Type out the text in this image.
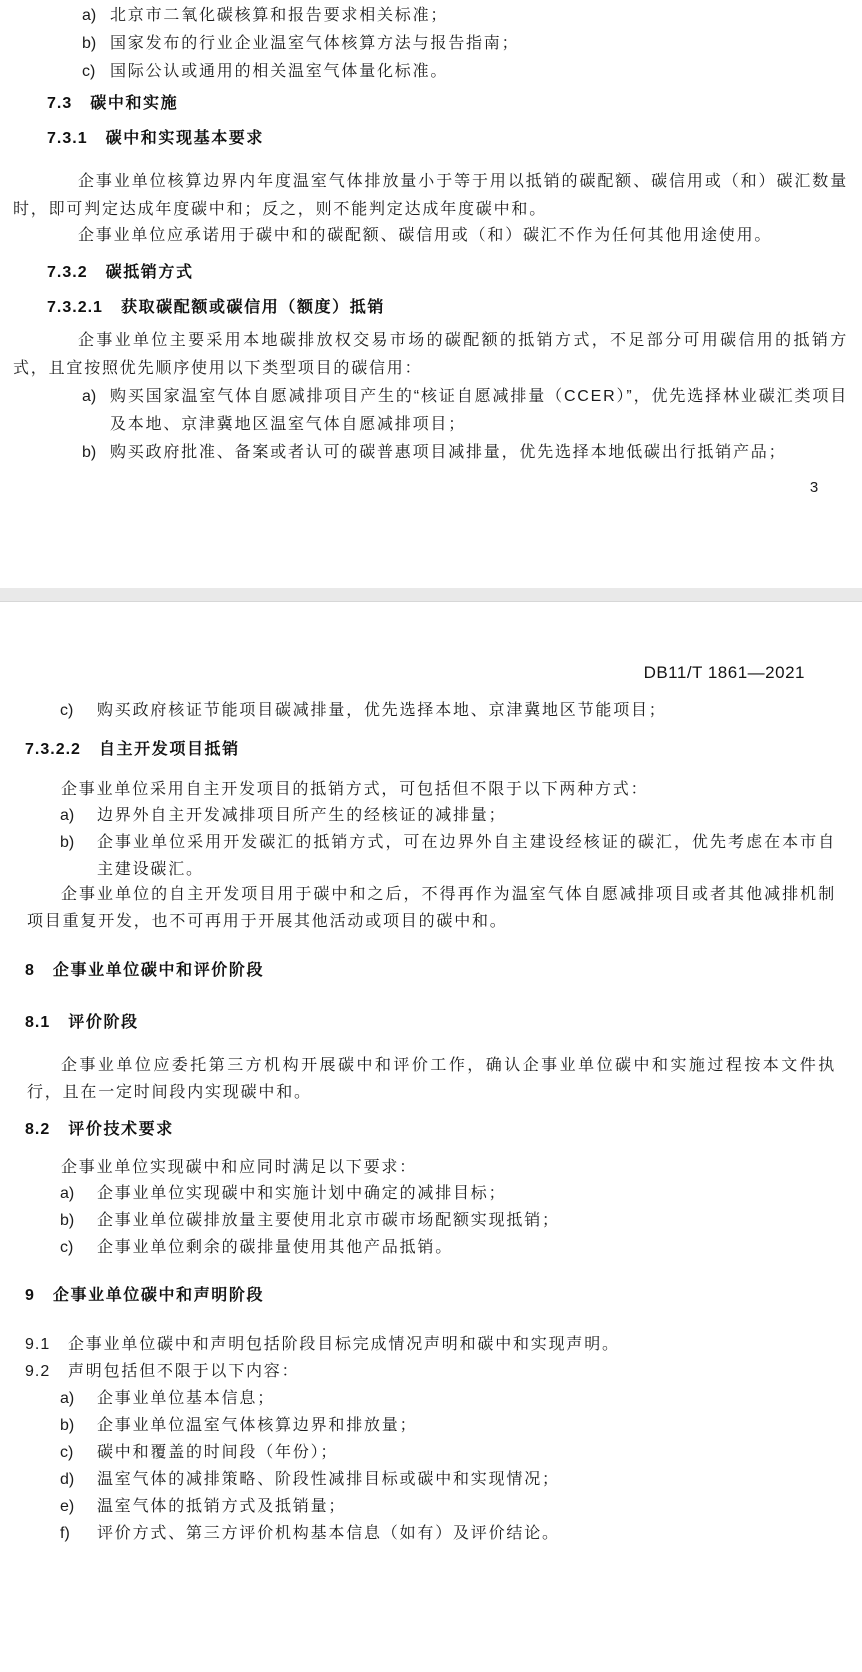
a) 北京市二氧化碳核算和报告要求相关标准；
b) 国家发布的行业企业温室气体核算方法与报告指南；
c) 国际公认或通用的相关温室气体量化标准。
7.3 碳中和实施
7.3.1 碳中和实现基本要求

企事业单位核算边界内年度温室气体排放量小于等于用以抵销的碳配额、碳信用或（和）碳汇数量时，即可判定达成年度碳中和；反之，则不能判定达成年度碳中和。

企事业单位应承诺用于碳中和的碳配额、碳信用或（和）碳汇不作为任何其他用途使用。

7.3.2 碳抵销方式
7.3.2.1 获取碳配额或碳信用（额度）抵销

企事业单位主要采用本地碳排放权交易市场的碳配额的抵销方式，不足部分可用碳信用的抵销方式，且宜按照优先顺序使用以下类型项目的碳信用：

a) 购买国家温室气体自愿减排项目产生的“核证自愿减排量（CCER）”，优先选择林业碳汇类项目及本地、京津冀地区温室气体自愿减排项目；
b) 购买政府批准、备案或者认可的碳普惠项目减排量，优先选择本地低碳出行抵销产品；
3
DB11/T 1861—2021
c) 购买政府核证节能项目碳减排量，优先选择本地、京津冀地区节能项目；
7.3.2.2 自主开发项目抵销

企事业单位采用自主开发项目的抵销方式，可包括但不限于以下两种方式：

a) 边界外自主开发减排项目所产生的经核证的减排量；
b) 企事业单位采用开发碳汇的抵销方式，可在边界外自主建设经核证的碳汇，优先考虑在本市自主建设碳汇。

企事业单位的自主开发项目用于碳中和之后，不得再作为温室气体自愿减排项目或者其他减排机制项目重复开发，也不可再用于开展其他活动或项目的碳中和。

8 企事业单位碳中和评价阶段
8.1 评价阶段

企事业单位应委托第三方机构开展碳中和评价工作，确认企事业单位碳中和实施过程按本文件执行，且在一定时间段内实现碳中和。

8.2 评价技术要求

企事业单位实现碳中和应同时满足以下要求：

a) 企事业单位实现碳中和实施计划中确定的减排目标；
b) 企事业单位碳排放量主要使用北京市碳市场配额实现抵销；
c) 企事业单位剩余的碳排量使用其他产品抵销。
9 企事业单位碳中和声明阶段
9.1 企事业单位碳中和声明包括阶段目标完成情况声明和碳中和实现声明。
9.2 声明包括但不限于以下内容：
a) 企事业单位基本信息；
b) 企事业单位温室气体核算边界和排放量；
c) 碳中和覆盖的时间段（年份）；
d) 温室气体的减排策略、阶段性减排目标或碳中和实现情况；
e) 温室气体的抵销方式及抵销量；
f) 评价方式、第三方评价机构基本信息（如有）及评价结论。
